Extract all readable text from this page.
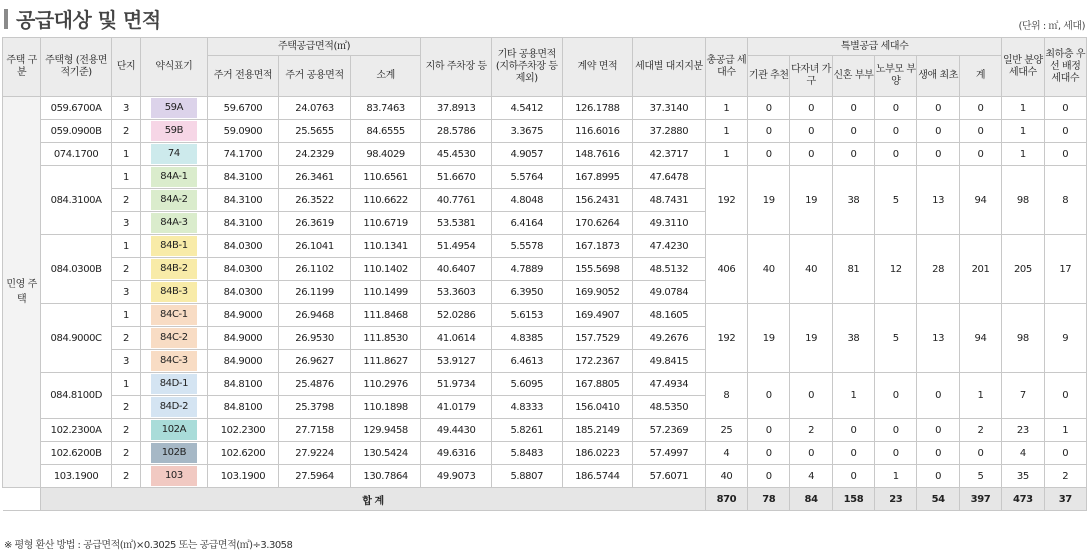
공급대상 및 면적	(단위 : ㎡, 세대)
주택 구분	주택형 (전용면적기준)	단지	약식표기	주택공급면적(㎡)			지하 주차장 등	기타 공용면적 (지하주차장 등 제외)	계약 면적	세대별 대지지분	총공급 세대수	특별공급 세대수						일반 분양 세대수	최하층 우선 배정 세대수
				주거 전용면적	주거 공용면적	소계						기관 추천	다자녀 가구	신혼 부부	노부모 부양	생애 최초	계		
민영 주택	059.6700A	3	59A	59.6700	24.0763	83.7463	37.8913	4.5412	126.1788	37.3140	1	0	0	0	0	0	0	1	0
	059.0900B	2	59B	59.0900	25.5655	84.6555	28.5786	3.3675	116.6016	37.2880	1	0	0	0	0	0	0	1	0
	074.1700	1	74	74.1700	24.2329	98.4029	45.4530	4.9057	148.7616	42.3717	1	0	0	0	0	0	0	1	0
	084.3100A	1	84A-1	84.3100	26.3461	110.6561	51.6670	5.5764	167.8995	47.6478	192	19	19	38	5	13	94	98	8
		2	84A-2	84.3100	26.3522	110.6622	40.7761	4.8048	156.2431	48.7431									
		3	84A-3	84.3100	26.3619	110.6719	53.5381	6.4164	170.6264	49.3110									
	084.0300B	1	84B-1	84.0300	26.1041	110.1341	51.4954	5.5578	167.1873	47.4230	406	40	40	81	12	28	201	205	17
		2	84B-2	84.0300	26.1102	110.1402	40.6407	4.7889	155.5698	48.5132									
		3	84B-3	84.0300	26.1199	110.1499	53.3603	6.3950	169.9052	49.0784									
	084.9000C	1	84C-1	84.9000	26.9468	111.8468	52.0286	5.6153	169.4907	48.1605	192	19	19	38	5	13	94	98	9
		2	84C-2	84.9000	26.9530	111.8530	41.0614	4.8385	157.7529	49.2676									
		3	84C-3	84.9000	26.9627	111.8627	53.9127	6.4613	172.2367	49.8415									
	084.8100D	1	84D-1	84.8100	25.4876	110.2976	51.9734	5.6095	167.8805	47.4934	8	0	0	1	0	0	1	7	0
		2	84D-2	84.8100	25.3798	110.1898	41.0179	4.8333	156.0410	48.5350									
	102.2300A	2	102A	102.2300	27.7158	129.9458	49.4430	5.8261	185.2149	57.2369	25	0	2	0	0	0	2	23	1
	102.6200B	2	102B	102.6200	27.9224	130.5424	49.6316	5.8483	186.0223	57.4997	4	0	0	0	0	0	0	4	0
	103.1900	2	103	103.1900	27.5964	130.7864	49.9073	5.8807	186.5744	57.6071	40	0	4	0	1	0	5	35	2
	합 계										870	78	84	158	23	54	397	473	37
※ 평형 환산 방법 : 공급면적(㎡)×0.3025 또는 공급면적(㎡)÷3.3058
